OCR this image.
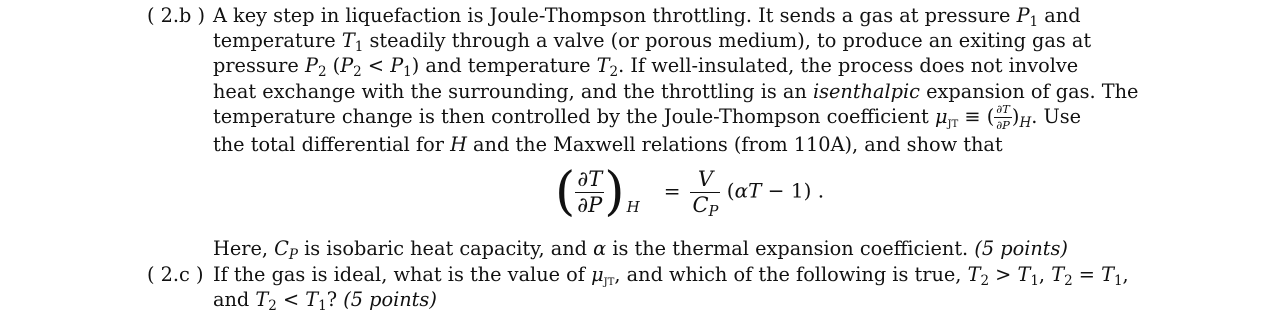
( 2.b ) A key step in liquefaction is Joule-Thompson throttling. It sends a gas at pressure $P_1$ and
temperature $T_1$ steadily through a valve (or porous medium), to produce an exiting gas at
pressure $P_2$ $(P_2 < P_1)$ and temperature $T_2$. If well-insulated, the process does not involve
heat exchange with the surrounding, and the throttling is an isenthalpic expansion of gas. The
temperature change is then controlled by the Joule-Thompson coefficient $\mu_{JT}$ ≡ ( $\frac{\partial T}{\partial P} )_H$. Use
the total differential for H and the Maxwell relations (from 110A), and show that
( $\frac{\partial T}{\partial P}$ ) $_H= \frac{V}{C_P} (\alpha T - 1)$ .
Here, $C_P$ is isobaric heat capacity, and α is the thermal expansion coefficient. (5 points)
( 2.c ) If the gas is ideal, what is the value of $\mu_{JT}$, and which of the following is true, $T_2 > T_1$, $T_2 = T_1$,
and $T_2 < T_1$? (5 points)
